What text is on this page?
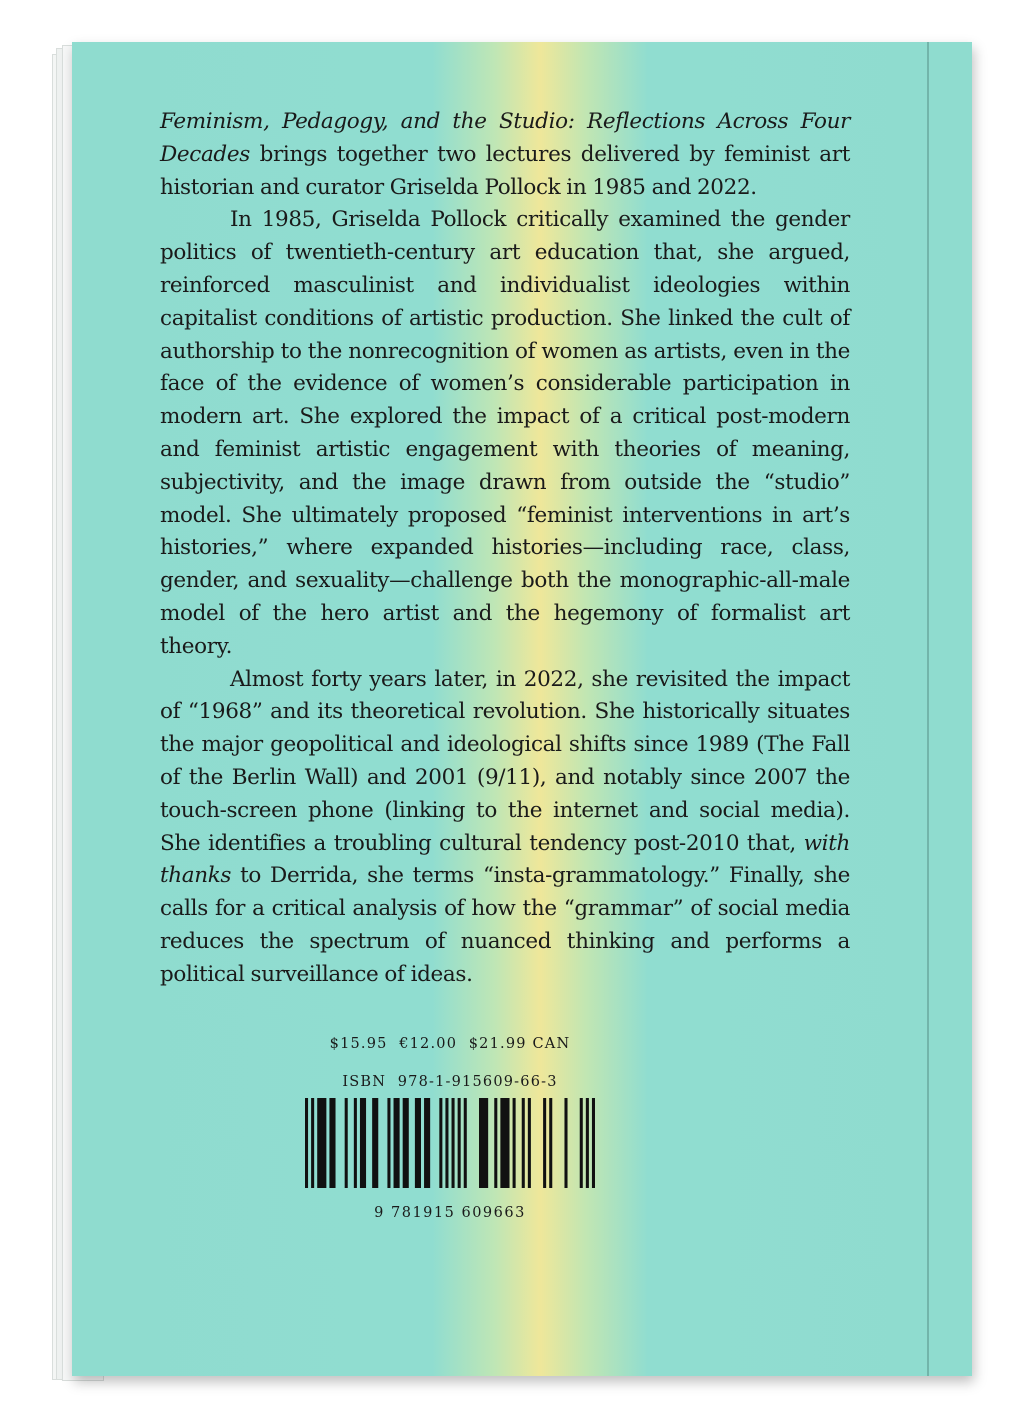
Feminism, Pedagogy, and the Studio: Reflections Across Four Decades brings together two lectures delivered by feminist art historian and curator Griselda Pollock in 1985 and 2022.

In 1985, Griselda Pollock critically examined the gender politics of twentieth-century art education that, she argued, reinforced masculinist and individualist ideologies within capitalist conditions of artistic production. She linked the cult of authorship to the nonrecognition of women as artists, even in the face of the evidence of women’s considerable participation in modern art. She explored the impact of a critical post-modern and feminist artistic engagement with theories of meaning, subjectivity, and the image drawn from outside the “studio” model. She ultimately proposed “feminist interventions in art’s histories,” where expanded histories—including race, class, gender, and sexuality—challenge both the monographic-all-male model of the hero artist and the hegemony of formalist art theory.

Almost forty years later, in 2022, she revisited the impact of “1968” and its theoretical revolution. She historically situates the major geopolitical and ideological shifts since 1989 (The Fall of the Berlin Wall) and 2001 (9/11), and notably since 2007 the touch-screen phone (linking to the internet and social media). She identifies a troubling cultural tendency post-2010 that, with thanks to Derrida, she terms “insta-grammatology.” Finally, she calls for a critical analysis of how the “grammar” of social media reduces the spectrum of nuanced thinking and performs a political surveillance of ideas.

$15.95  €12.00  $21.99 CAN
ISBN  978-1-915609-66-3
9 781915 609663
